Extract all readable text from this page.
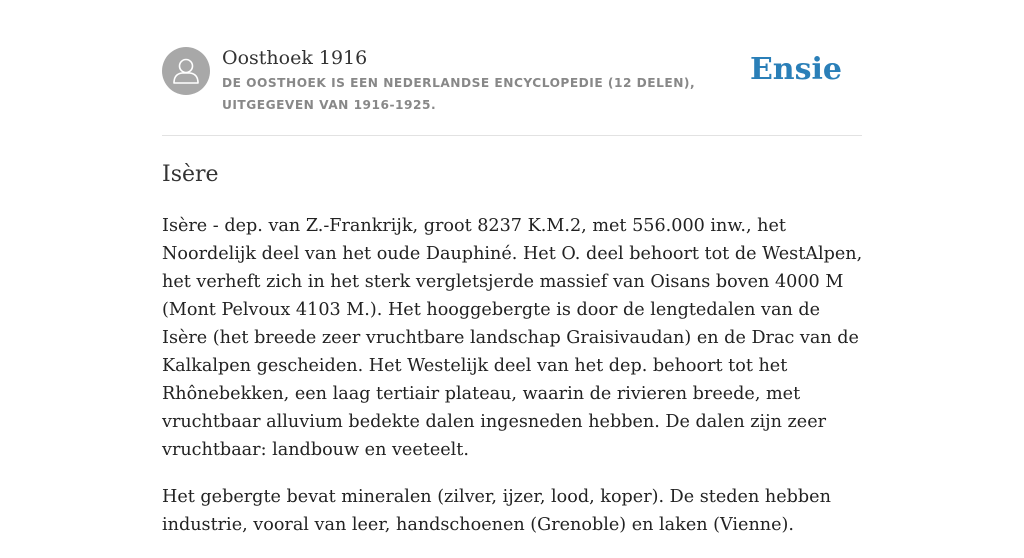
Oosthoek 1916
DE OOSTHOEK IS EEN NEDERLANDSE ENCYCLOPEDIE (12 DELEN), UITGEGEVEN VAN 1916-1925.
Ensie
Isère

Isère - dep. van Z.-Frankrijk, groot 8237 K.M.2, met 556.000 inw., het Noordelijk deel van het oude Dauphiné. Het O. deel behoort tot de WestAlpen, het verheft zich in het sterk vergletsjerde massief van Oisans boven 4000 M (Mont Pelvoux 4103 M.). Het hooggebergte is door de lengtedalen van de Isère (het breede zeer vruchtbare landschap Graisivaudan) en de Drac van de Kalkalpen gescheiden. Het Westelijk deel van het dep. behoort tot het Rhônebekken, een laag tertiair plateau, waarin de rivieren breede, met vruchtbaar alluvium bedekte dalen ingesneden hebben. De dalen zijn zeer vruchtbaar: landbouw en veeteelt.

Het gebergte bevat mineralen (zilver, ijzer, lood, koper). De steden hebben industrie, vooral van leer, handschoenen (Grenoble) en laken (Vienne).
